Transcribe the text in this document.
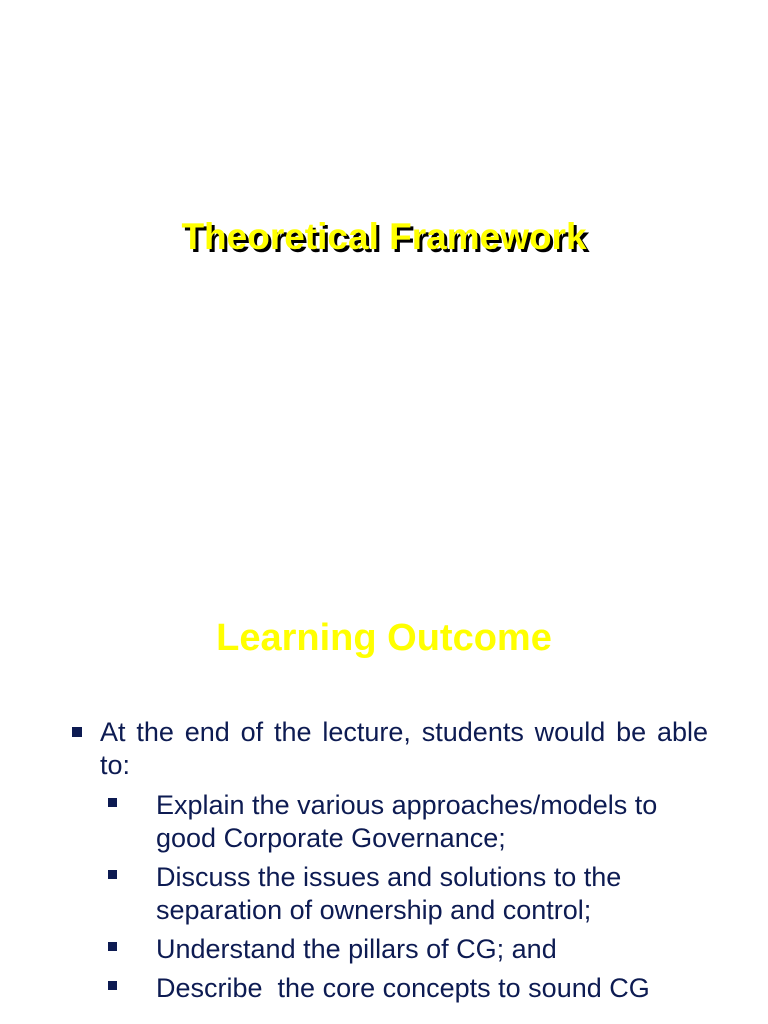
Theoretical Framework
Learning Outcome
At the end of the lecture, students would be able to:
Explain the various approaches/models to good Corporate Governance;
Discuss the issues and solutions to the separation of ownership and control;
Understand the pillars of CG; and
Describe  the core concepts to sound CG
